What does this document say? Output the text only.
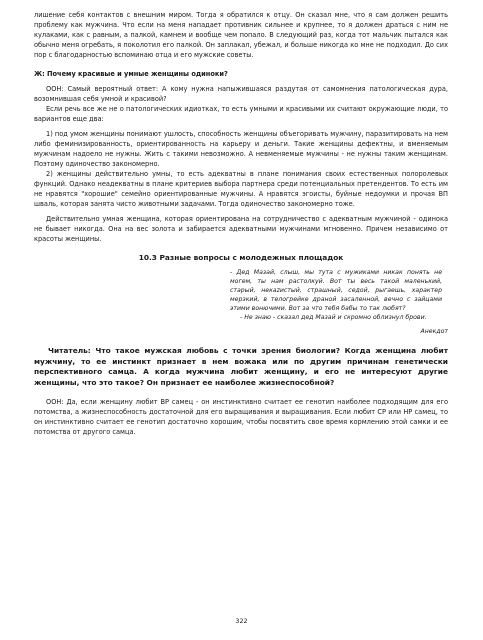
лишение себя контактов с внешним миром. Тогда я обратился к отцу. Он сказал мне, что я сам должен решить проблему как мужчина. Что если на меня нападает противник сильнее и крупнее, то я должен драться с ним не кулаками, как с равным, а палкой, камнем и вообще чем попало. В следующий раз, когда тот мальчик пытался как обычно меня огребать, я поколотил его палкой. Он заплакал, убежал, и больше никогда ко мне не подходил. До сих пор с благодарностью вспоминаю отца и его мужские советы.

Ж: Почему красивые и умные женщины одиноки?

ООН: Самый вероятный ответ: А кому нужна напыжившаяся раздутая от самомнения патологическая дура, возомнившая себя умной и красивой?

Если речь все же не о патологических идиотках, то есть умными и красивыми их считают окружающие люди, то вариантов еще два:

1) под умом женщины понимают ушлость, способность женщины объегоривать мужчину, паразитировать на нем либо феминизированность, ориентированность на карьеру и деньги. Такие женщины дефектны, и вменяемым мужчинам надоело не нужны. Жить с такими невозможно. А невменяемые мужчины - не нужны таким женщинам. Поэтому одиночество закономерно.

2) женщины действительно умны, то есть адекватны в плане понимания своих естественных полоролевых функций. Однако неадекватны в плане критериев выбора партнера среди потенциальных претендентов. То есть им не нравятся "хорошие" семейно ориентированные мужчины. А нравятся эгоисты, буйные недоумки и прочая ВП шваль, которая занята чисто животными задачами. Тогда одиночество закономерно тоже.

Действительно умная женщина, которая ориентирована на сотрудничество с адекватным мужчиной - одинока не бывает никогда. Она на вес золота и забирается адекватными мужчинами мгновенно. Причем независимо от красоты женщины.

10.3 Разные вопросы с молодежных площадок

- Дед Мазай, слыш, мы тута с мужиками никак понять не могем, ты нам растолкуй. Вот ты весь такой маленький, старый, некazистый, страшный, седой, рыгаешь, характер мерзкий, в телогрейке драной засаленной, вечно с зайцами этими вонючими. Вот за что тебя бабы то так любят?

- Не знаю - сказал дед Мазай и скромно облизнул брови.

Анекдот

Читатель: Что такое мужская любовь с точки зрения биологии? Когда женщина любит мужчину, то ее инстинкт признает в нем вожака или по другим причинам генетически перспективного самца. А когда мужчина любит женщину, и его не интересуют другие женщины, что это такое? Он признает ее наиболее жизнеспособной?

ООН: Да, если женщину любит ВР самец - он инстинктивно считает ее генотип наиболее подходящим для его потомства, а жизнеспособность достаточной для его выращивания и выращивания. Если любит СР или НР самец, то он инстинктивно считает ее генотип достаточно хорошим, чтобы посвятить свое время кормлению этой самки и ее потомства от другого самца.

322
